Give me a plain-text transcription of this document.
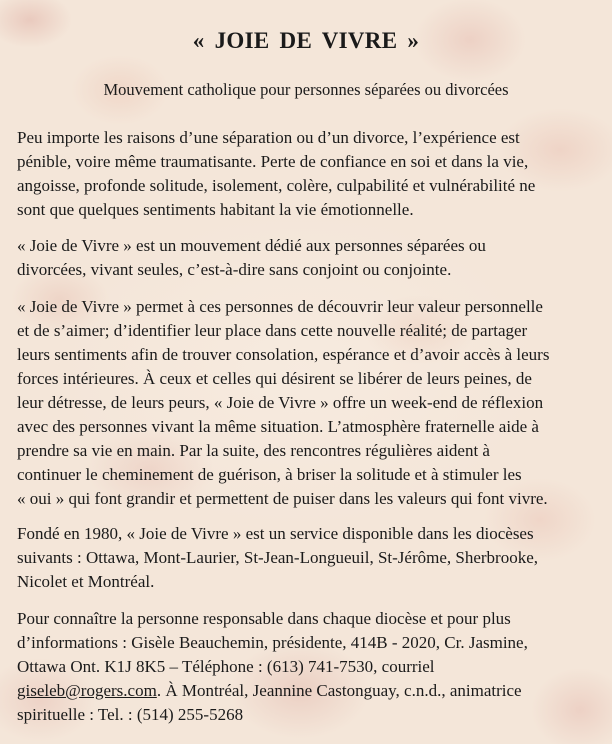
« JOIE DE VIVRE »
Mouvement catholique pour personnes séparées ou divorcées
Peu importe les raisons d’une séparation ou d’un divorce, l’expérience est
pénible, voire même traumatisante. Perte de confiance en soi et dans la vie,
angoisse, profonde solitude, isolement, colère, culpabilité et vulnérabilité ne
sont que quelques sentiments habitant la vie émotionnelle.
« Joie de Vivre » est un mouvement dédié aux personnes séparées ou
divorcées, vivant seules, c’est-à-dire sans conjoint ou conjointe.
« Joie de Vivre » permet à ces personnes de découvrir leur valeur personnelle
et de s’aimer; d’identifier leur place dans cette nouvelle réalité; de partager
leurs sentiments afin de trouver consolation, espérance et d’avoir accès à leurs
forces intérieures. À ceux et celles qui désirent se libérer de leurs peines, de
leur détresse, de leurs peurs, « Joie de Vivre » offre un week-end de réflexion
avec des personnes vivant la même situation. L’atmosphère fraternelle aide à
prendre sa vie en main. Par la suite, des rencontres régulières aident à
continuer le cheminement de guérison, à briser la solitude et à stimuler les
« oui » qui font grandir et permettent de puiser dans les valeurs qui font vivre.
Fondé en 1980, « Joie de Vivre » est un service disponible dans les diocèses
suivants : Ottawa, Mont-Laurier, St-Jean-Longueuil, St-Jérôme, Sherbrooke,
Nicolet et Montréal.
Pour connaître la personne responsable dans chaque diocèse et pour plus
d’informations : Gisèle Beauchemin, présidente, 414B - 2020, Cr. Jasmine,
Ottawa Ont. K1J 8K5 – Téléphone : (613) 741-7530, courriel
giseleb@rogers.com. À Montréal, Jeannine Castonguay, c.n.d., animatrice
spirituelle : Tel. : (514) 255-5268
